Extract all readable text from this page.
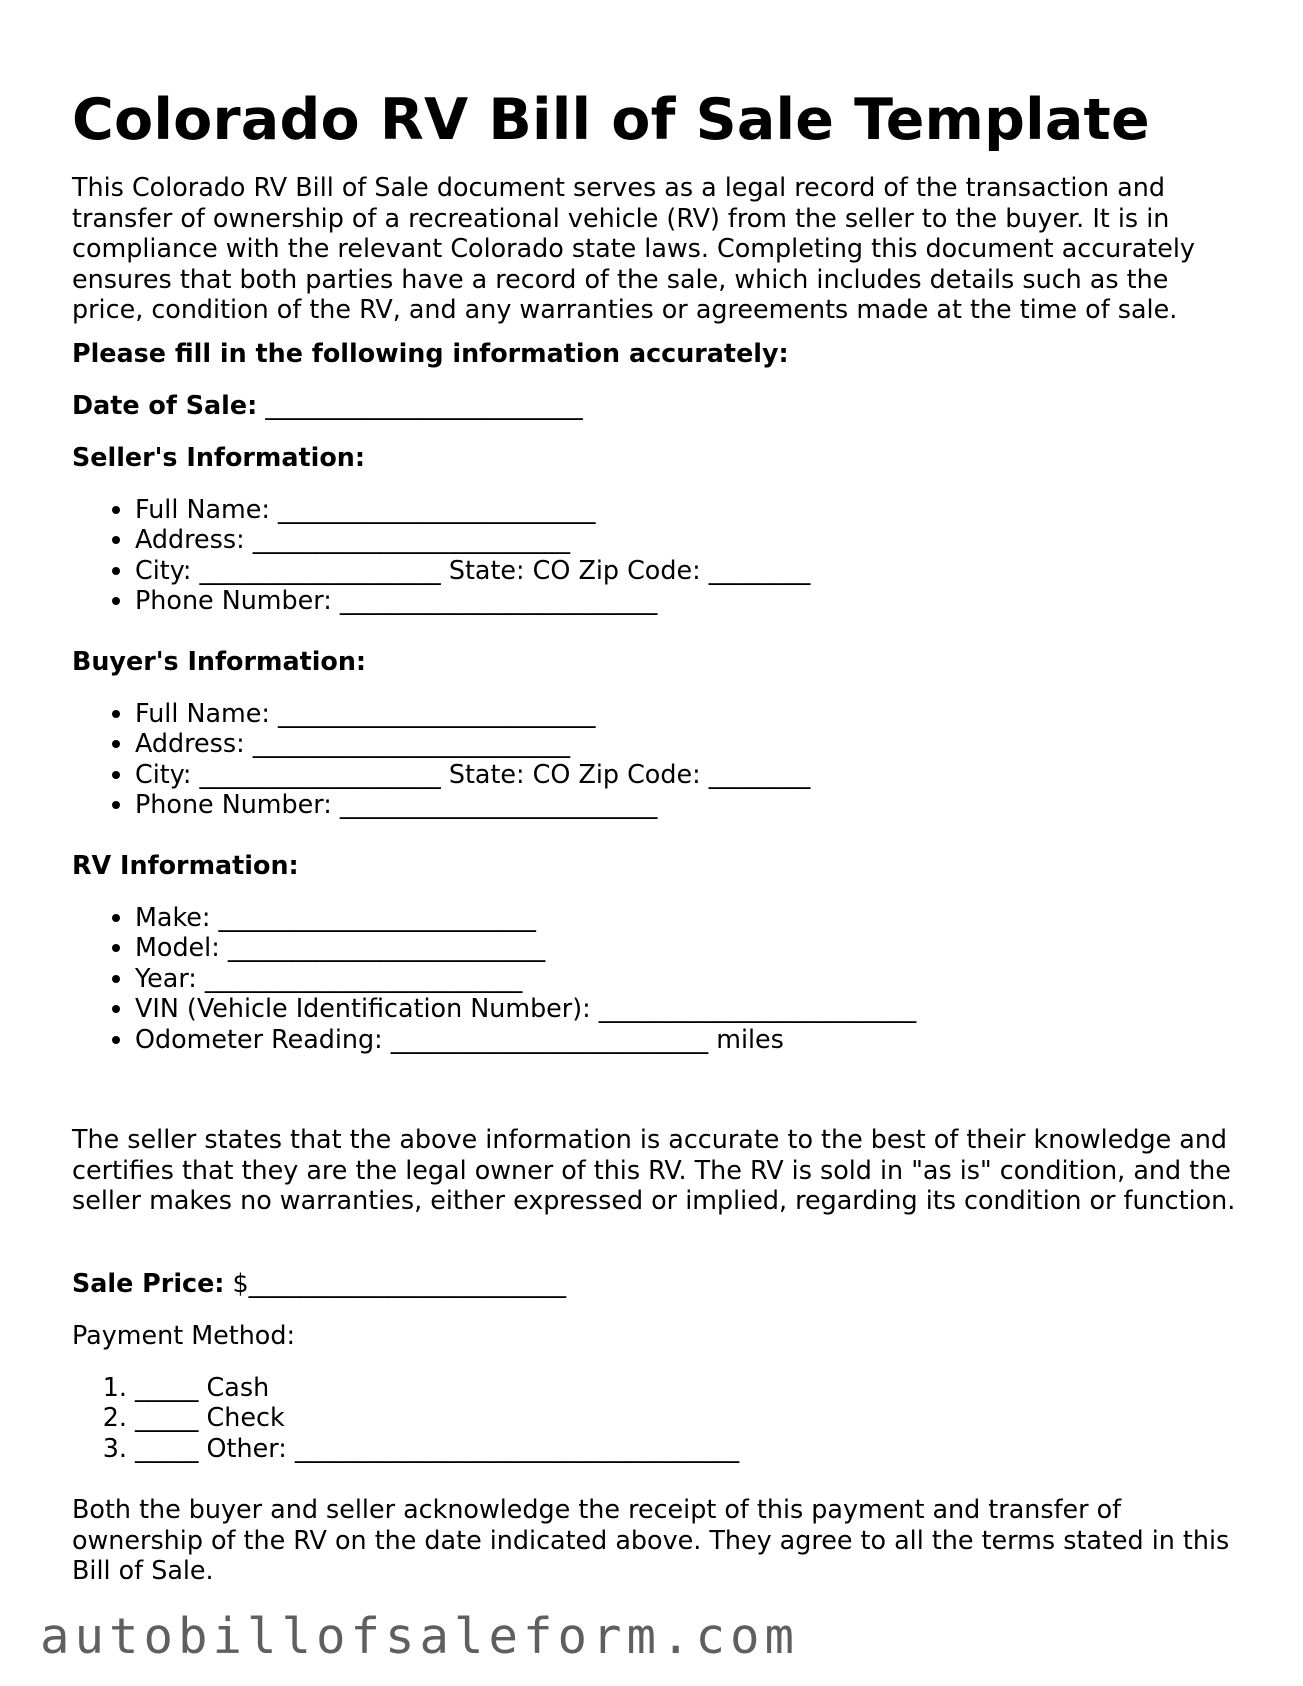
Colorado RV Bill of Sale Template

This Colorado RV Bill of Sale document serves as a legal record of the transaction and transfer of ownership of a recreational vehicle (RV) from the seller to the buyer. It is in compliance with the relevant Colorado state laws. Completing this document accurately ensures that both parties have a record of the sale, which includes details such as the price, condition of the RV, and any warranties or agreements made at the time of sale.

Please fill in the following information accurately:

Date of Sale: _________________________

Seller's Information:

• Full Name: _________________________
• Address: _________________________
• City: ___________________ State: CO Zip Code: ________
• Phone Number: _________________________

Buyer's Information:

• Full Name: _________________________
• Address: _________________________
• City: ___________________ State: CO Zip Code: ________
• Phone Number: _________________________

RV Information:

• Make: _________________________
• Model: _________________________
• Year: _________________________
• VIN (Vehicle Identification Number): _________________________
• Odometer Reading: _________________________ miles

The seller states that the above information is accurate to the best of their knowledge and certifies that they are the legal owner of this RV. The RV is sold in "as is" condition, and the seller makes no warranties, either expressed or implied, regarding its condition or function.

Sale Price: $_________________________

Payment Method:

1. _____ Cash
2. _____ Check
3. _____ Other: ___________________________________

Both the buyer and seller acknowledge the receipt of this payment and transfer of ownership of the RV on the date indicated above. They agree to all the terms stated in this Bill of Sale.

autobillofsaleform.com
